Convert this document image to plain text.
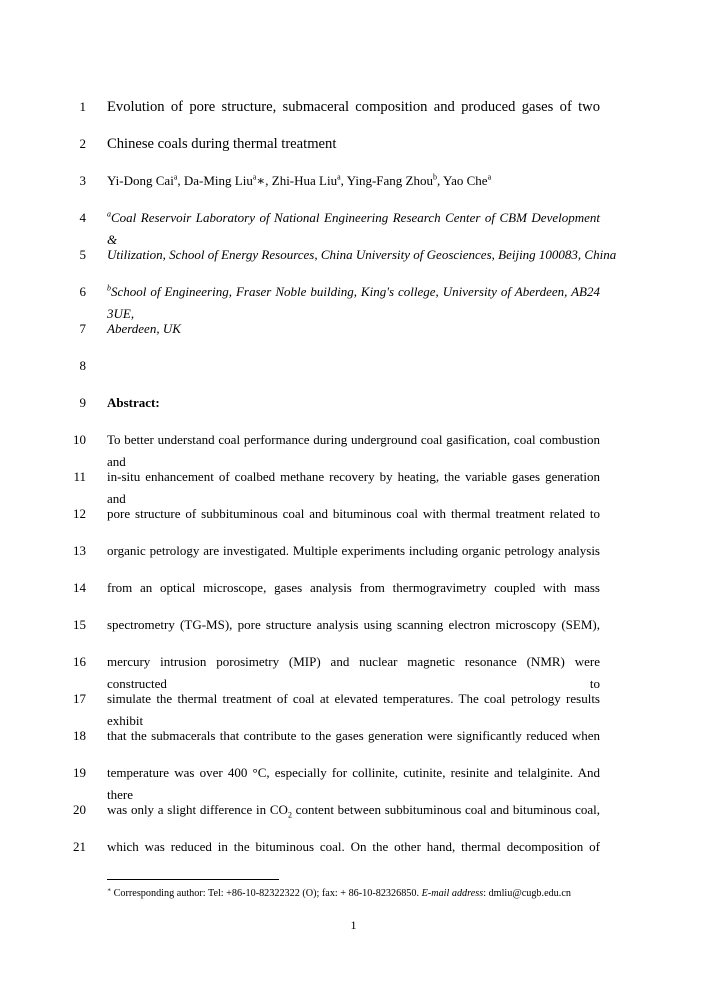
1 Evolution of pore structure, submaceral composition and produced gases of two
2 Chinese coals during thermal treatment
3 Yi-Dong Cai$^a$, Da-Ming Liu$^a$∗, Zhi-Hua Liu$^a$, Ying-Fang Zhou$^b$, Yao Che$^a$
4	$^a$Coal Reservoir Laboratory of National Engineering Research Center of CBM Development &
5 Utilization, School of Energy Resources, China University of Geosciences, Beijing 100083, China
6	$^b$School of Engineering, Fraser Noble building, King's college, University of Aberdeen, AB24 3UE,
7 Aberdeen, UK
8
9 Abstract:
10 To better understand coal performance during underground coal gasification, coal combustion and
11 in-situ enhancement of coalbed methane recovery by heating, the variable gases generation and
12 pore structure of subbituminous coal and bituminous coal with thermal treatment related to
13 organic petrology are investigated. Multiple experiments including organic petrology analysis
14 from an optical microscope, gases analysis from thermogravimetry coupled with mass
15 spectrometry (TG-MS), pore structure analysis using scanning electron microscopy (SEM),
16 mercury intrusion porosimetry (MIP) and nuclear magnetic resonance (NMR) were constructed to
17 simulate the thermal treatment of coal at elevated temperatures. The coal petrology results exhibit
18 that the submacerals that contribute to the gases generation were significantly reduced when
19 temperature was over 400 °C, especially for collinite, cutinite, resinite and telalginite. And there
20 was only a slight difference in $CO_2$ content between subbituminous coal and bituminous coal,
21 which was reduced in the bituminous coal. On the other hand, thermal decomposition of
∗ Corresponding author: Tel: +86-10-82322322 (O); fax: + 86-10-82326850. E-mail address: dmliu@cugb.edu.cn
1
